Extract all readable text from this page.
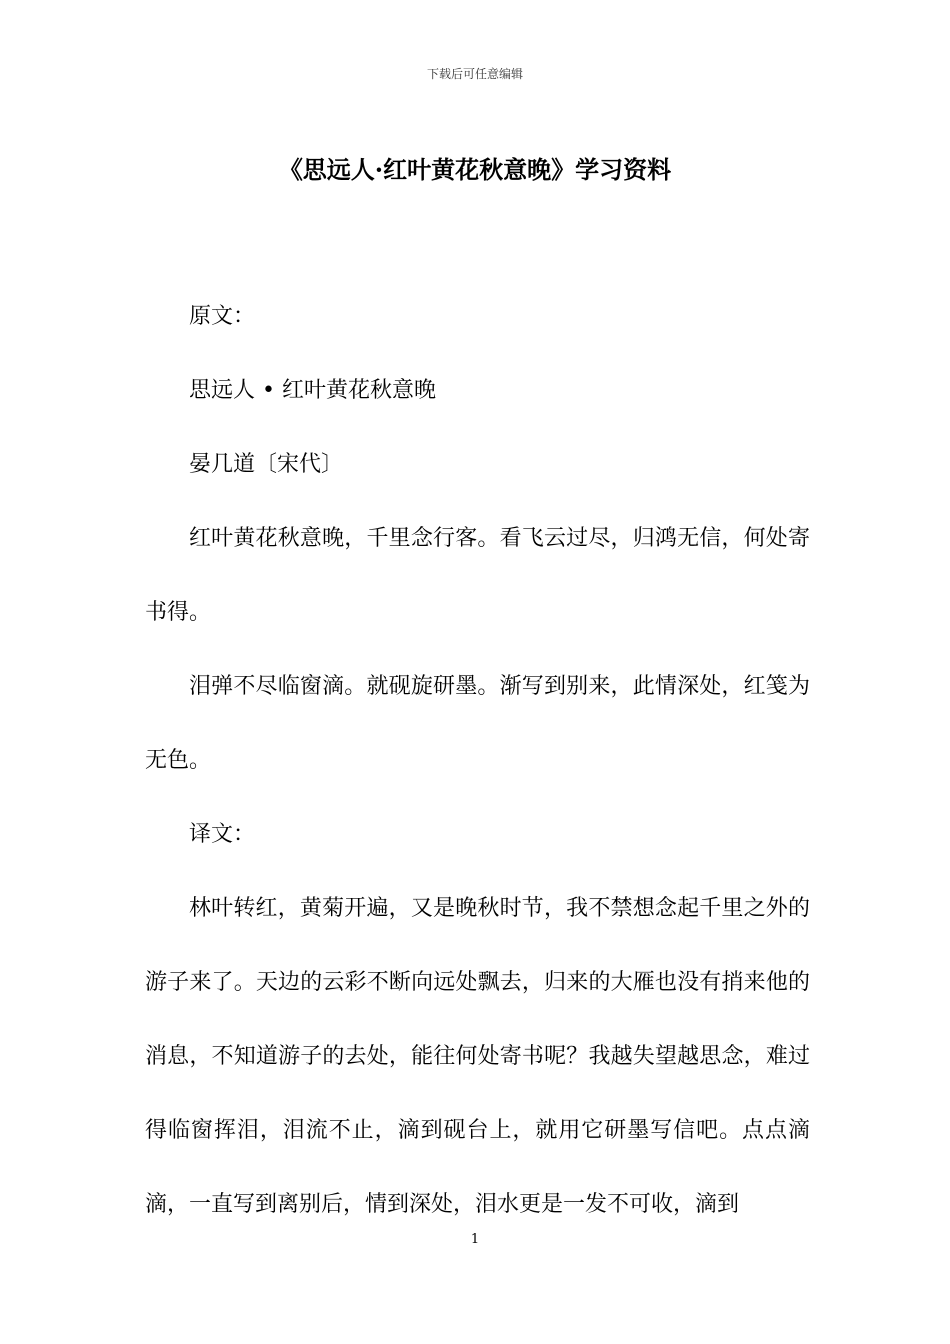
下载后可任意编辑
《思远人·红叶黄花秋意晚》学习资料

原文：

思远人 • 红叶黄花秋意晚

晏几道〔宋代〕

红叶黄花秋意晚，千里念行客。看飞云过尽，归鸿无信，何处寄书得。

泪弹不尽临窗滴。就砚旋研墨。渐写到别来，此情深处，红笺为无色。

译文：

林叶转红，黄菊开遍，又是晚秋时节，我不禁想念起千里之外的游子来了。天边的云彩不断向远处飘去，归来的大雁也没有捎来他的消息，不知道游子的去处，能往何处寄书呢？我越失望越思念，难过得临窗挥泪，泪流不止，滴到砚台上，就用它研墨写信吧。点点滴滴，一直写到离别后，情到深处，泪水更是一发不可收，滴到

1
